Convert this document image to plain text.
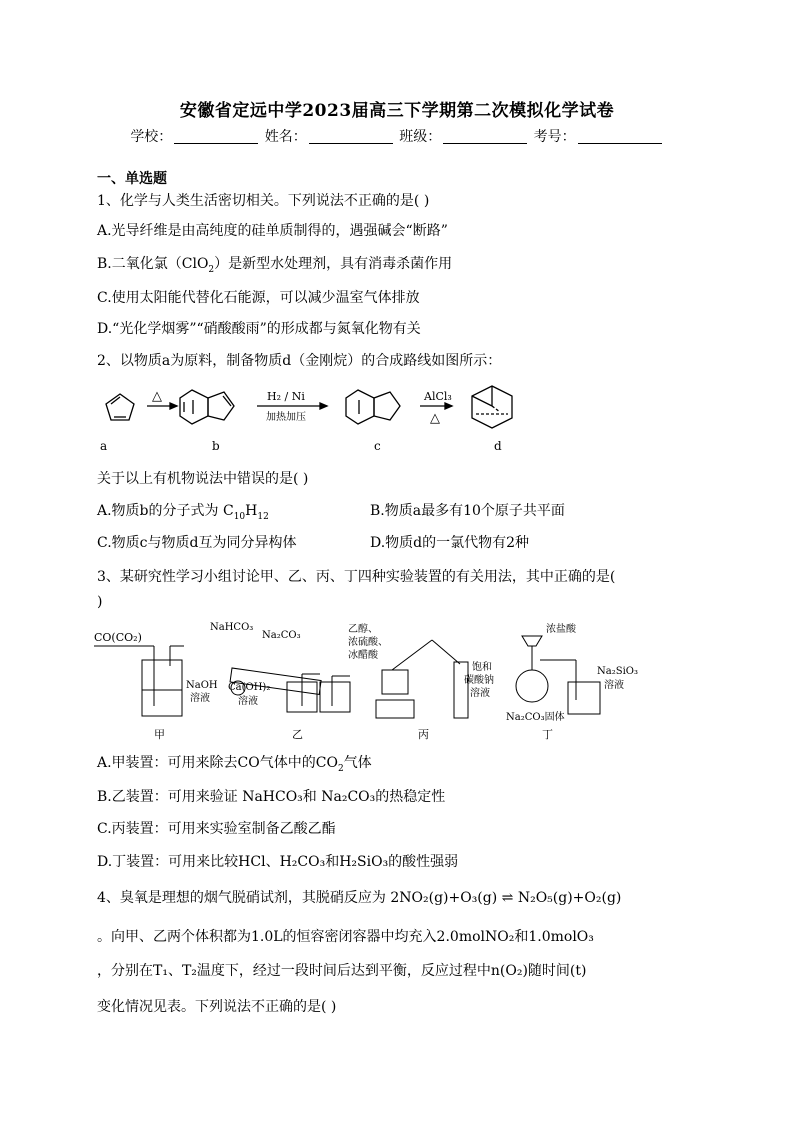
安徽省定远中学2023届高三下学期第二次模拟化学试卷
学校：	姓名：	班级：	考号：
一、单选题
1、化学与人类生活密切相关。下列说法不正确的是( )
A.光导纤维是由高纯度的硅单质制得的，遇强碱会“断路”
B.二氧化氯（ClO$_2$）是新型水处理剂，具有消毒杀菌作用
C.使用太阳能代替化石能源，可以减少温室气体排放
D.“光化学烟雾”“硝酸酸雨”的形成都与氮氧化物有关
2、以物质a为原料，制备物质d（金刚烷）的合成路线如图所示：
△	H₂ / Ni
加热加压
AlCl₃
△
a	b	c	d
关于以上有机物说法中错误的是( )
A.物质b的分子式为 $C_{10}H_{12}$	B.物质a最多有10个原子共平面
C.物质c与物质d互为同分异构体	D.物质d的一氯代物有2种
3、某研究性学习小组讨论甲、乙、丙、丁四种实验装置的有关用法，其中正确的是(
)
CO(CO₂)
NaOH
溶液
甲
NaHCO₃
Na₂CO₃
Ca(OH)₂
溶液
乙
乙醇、
浓硫酸、
冰醋酸
饱和
碳酸钠
溶液
丙
浓盐酸
Na₂SiO₃
溶液
Na₂CO₃固体
丁
A.甲装置：可用来除去CO气体中的$CO_2$气体
B.乙装置：可用来验证 NaHCO₃和 Na₂CO₃的热稳定性
C.丙装置：可用来实验室制备乙酸乙酯
D.丁装置：可用来比较HCl、H₂CO₃和H₂SiO₃的酸性强弱
4、臭氧是理想的烟气脱硝试剂，其脱硝反应为 2NO₂(g)+O₃(g) ⇌ N₂O₅(g)+O₂(g)
。向甲、乙两个体积都为1.0L的恒容密闭容器中均充入2.0molNO₂和1.0molO₃
，分别在T₁、T₂温度下，经过一段时间后达到平衡，反应过程中n(O₂)随时间(t)
变化情况见表。下列说法不正确的是( )
